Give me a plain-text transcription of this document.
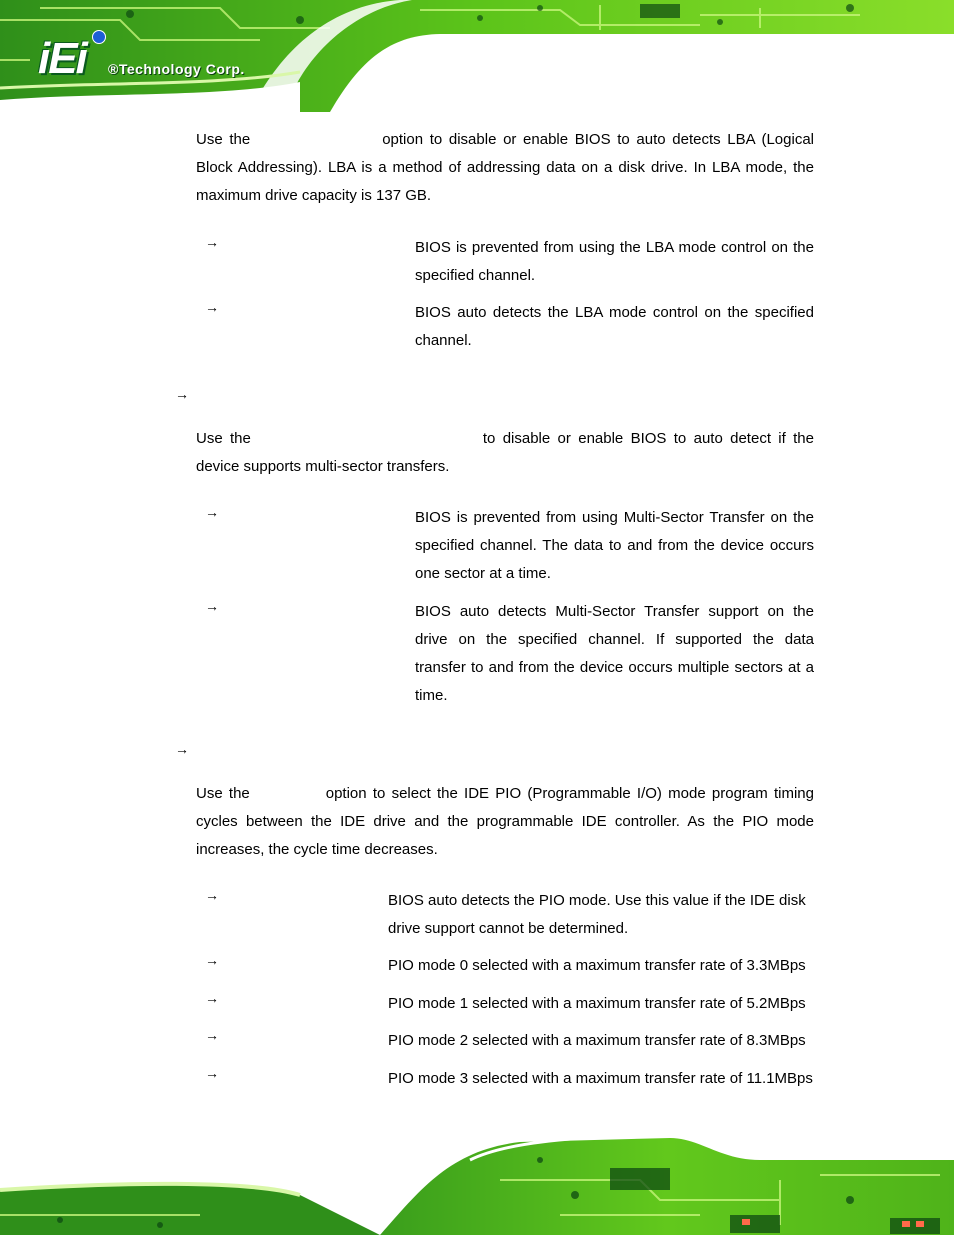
iEi ®Technology Corp.
Use the	option to disable or enable BIOS to auto detects LBA (Logical Block Addressing). LBA is a method of addressing data on a disk drive. In LBA mode, the maximum drive capacity is 137 GB.
→	BIOS is prevented from using the LBA mode control on the specified channel.
→	BIOS auto detects the LBA mode control on the specified channel.
→
Use the	to disable or enable BIOS to auto detect if the device supports multi-sector transfers.
→	BIOS is prevented from using Multi-Sector Transfer on the specified channel. The data to and from the device occurs one sector at a time.
→	BIOS auto detects Multi-Sector Transfer support on the drive on the specified channel. If supported the data transfer to and from the device occurs multiple sectors at a time.
→
Use the	option to select the IDE PIO (Programmable I/O) mode program timing cycles between the IDE drive and the programmable IDE controller. As the PIO mode increases, the cycle time decreases.
→	BIOS auto detects the PIO mode. Use this value if the IDE disk drive support cannot be determined.
→	PIO mode 0 selected with a maximum transfer rate of 3.3MBps
→	PIO mode 1 selected with a maximum transfer rate of 5.2MBps
→	PIO mode 2 selected with a maximum transfer rate of 8.3MBps
→	PIO mode 3 selected with a maximum transfer rate of 11.1MBps
